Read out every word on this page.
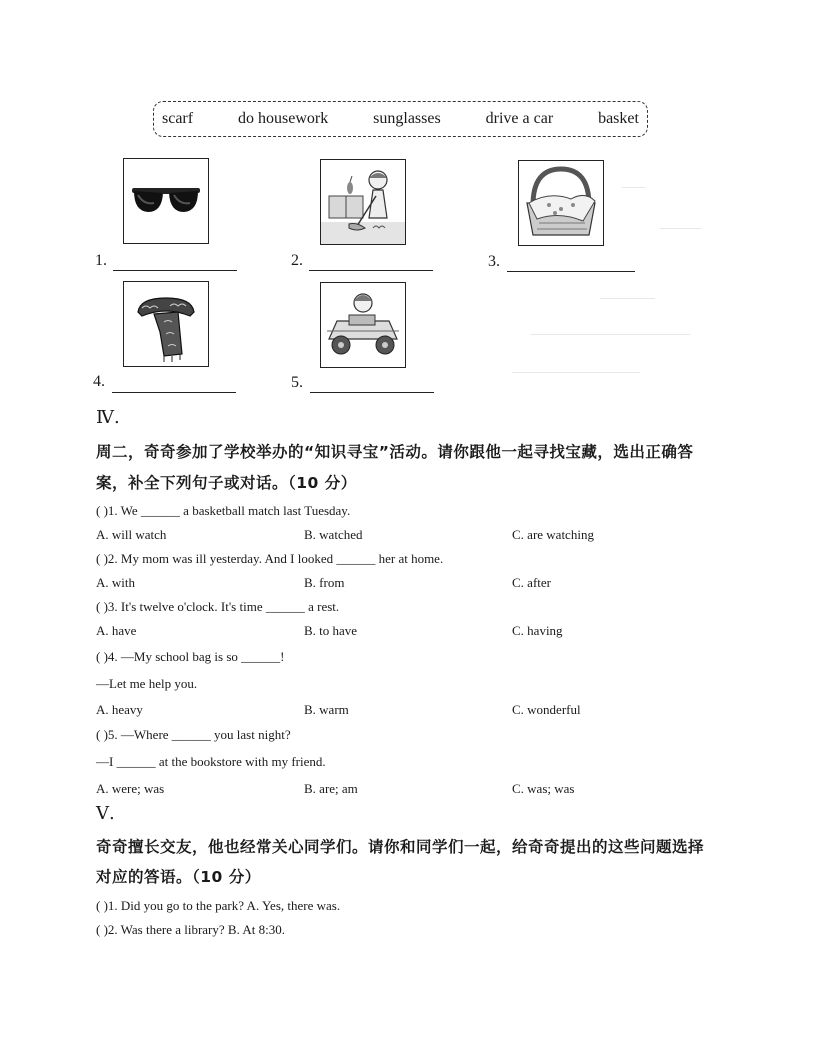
scarf	do housework	sunglasses	drive a car	basket
1.	2.	3.
4.	5.
Ⅳ.
周二，奇奇参加了学校举办的“知识寻宝”活动。请你跟他一起寻找宝藏，选出正确答
案，补全下列句子或对话。（10 分）
( )1. We ______ a basketball match last Tuesday.
A. will watch	B. watched	C. are watching
( )2. My mom was ill yesterday. And I looked ______ her at home.
A. with	B. from	C. after
( )3. It's twelve o'clock. It's time ______ a rest.
A. have	B. to have	C. having
( )4. —My school bag is so ______!
—Let me help you.
A. heavy	B. warm	C. wonderful
( )5. —Where ______ you last night?
—I ______ at the bookstore with my friend.
A. were; was	B. are; am	C. was; was
Ⅴ.
奇奇擅长交友，他也经常关心同学们。请你和同学们一起，给奇奇提出的这些问题选择
对应的答语。（10 分）
( )1. Did you go to the park? A. Yes, there was.
( )2. Was there a library? B. At 8:30.
